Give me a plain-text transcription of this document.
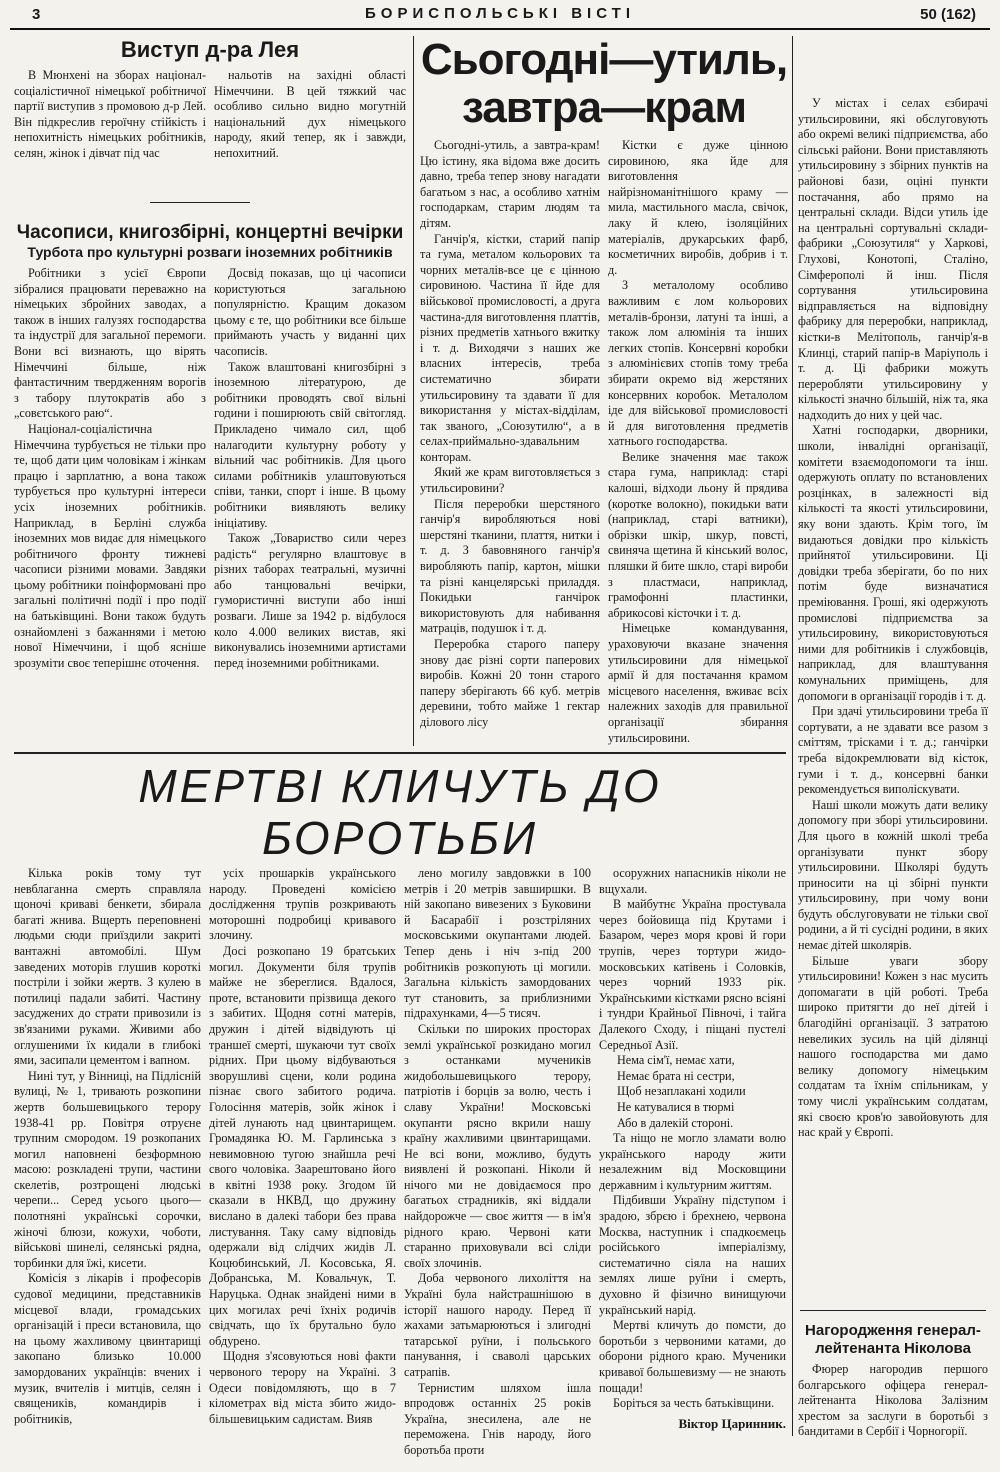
3	БОРИСПОЛЬСЬКІ ВІСТІ	50 (162)
Виступ д-ра Лея

В Мюнхені на зборах націонал-соціалістичної німецької робітничої партії виступив з промовою д-р Лей. Він підкреслив героїчну стійкість і непохитність німецьких робітників, селян, жінок і дівчат під час

нальотів на західні області Німеччини. В цей тяжкий час особливо сильно видно могутній національний дух німецького народу, який тепер, як і завжди, непохитний.

Часописи, книгозбірні, концертні вечірки
Турбота про культурні розваги іноземних робітників

Робітники з усієї Європи зібралися працювати переважно на німецьких збройних заводах, а також в інших галузях господарства та індустрії для загальної перемоги. Вони всі визнають, що вірять Німеччині більше, ніж фантастичним твердженням ворогів з табору плутократів або з „совєтського раю“.

Націонал-соціалістична Німеччина турбується не тільки про те, щоб дати цим чоловікам і жінкам працю і зарплатню, а вона також турбується про культурні інтереси усіх іноземних робітників. Наприклад, в Берліні служба іноземних мов видає для німецького робітничого фронту тижневі часописи різними мовами. Завдяки цьому робітники поінформовані про загальні політичні події і про події на батьківщині. Вони також будуть ознайомлені з бажаннями і метою нової Німеччини, і щоб ясніше зрозуміти своє теперішнє оточення.

Досвід показав, що ці часописи користуються загальною популярністю. Кращим доказом цьому є те, що робітники все більше приймають участь у виданні цих часописів.

Також влаштовані книгозбірні з іноземною літературою, де робітники проводять свої вільні години і поширюють свій світогляд. Прикладено чимало сил, щоб налагодити культурну роботу у вільний час робітників. Для цього силами робітників улаштовуються співи, танки, спорт і інше. В цьому робітники виявляють велику ініціативу.

Також „Товариство сили через радість“ регулярно влаштовує в різних таборах театральні, музичні або танцювальні вечірки, гумористичні виступи або інші розваги. Лише за 1942 р. відбулося коло 4.000 великих вистав, які виконувались іноземними артистами перед іноземними робітниками.

Сьогодні—утиль, завтра—крам

Сьогодні-утиль, а завтра-крам! Цю істину, яка відома вже досить давно, треба тепер знову нагадати багатьом з нас, а особливо хатнім господаркам, старим людям та дітям.

Ганчір'я, кістки, старий папір та гума, металом кольорових та чорних металів-все це є цінною сировиною. Частина її йде для військової промисловості, а друга частина-для виготовлення платтів, різних предметів хатнього вжитку і т. д. Виходячи з наших же власних інтересів, треба систематично збирати утильсировину та здавати її для використання у містах-відділам, так званого, „Союзутилю“, а в селах-приймально-здавальним конторам.

Який же крам виготовляється з утильсировини?

Після переробки шерстяного ганчір'я виробляються нові шерстяні тканини, плаття, нитки і т. д. З бавовняного ганчір'я виробляють папір, картон, мішки та різні канцелярські приладдя. Покидьки ганчірок використовують для набивання матраців, подушок і т. д.

Переробка старого паперу знову дає різні сорти паперових виробів. Кожні 20 тонн старого паперу зберігають 66 куб. метрів деревини, тобто майже 1 гектар ділового лісу

Кістки є дуже цінною сировиною, яка йде для виготовлення найрізноманітнішого краму — мила, мастильного масла, свічок, лаку й клею, ізоляційних матеріалів, друкарських фарб, косметичних виробів, добрив і т. д.

З металолому особливо важливим є лом кольорових металів-бронзи, латуні та інші, а також лом алюмінія та інших легких стопів. Консервні коробки з алюмінієвих стопів тому треба збирати окремо від жерстяних консервних коробок. Металолом іде для військової промисловості й для виготовлення предметів хатнього господарства.

Велике значення має також стара гума, наприклад: старі калоші, відходи льону й прядива (коротке волокно), покидьки вати (наприклад, старі ватники), обрізки шкір, шкур, повсті, свиняча щетина й кінський волос, пляшки й бите шкло, старі вироби з пластмаси, наприклад, грамофонні пластинки, абрикосові кісточки і т. д.

Німецьке командування, ураховуючи вказане значення утильсировини для німецької армії й для постачання крамом місцевого населення, вживає всіх належних заходів для правильної організації збирання утильсировини.

У містах і селах єзбирачі утильсировини, які обслуговують або окремі великі підприємства, або сільські райони. Вони приставляють утильсировину з збірних пунктів на районові бази, оціні пункти постачання, або прямо на центральні склади. Відси утиль іде на центральні сортувальні склади-фабрики „Союзутиля“ у Харкові, Глухові, Конотопі, Сталіно, Сімферополі й інш. Після сортування утильсировина відправляється на відповідну фабрику для переробки, наприклад, кістки-в Мелітополь, ганчір'я-в Клинці, старий папір-в Маріуполь і т. д. Ці фабрики можуть переробляти утильсировину у кількості значно більшій, ніж та, яка надходить до них у цей час.

Хатні господарки, дворники, школи, інвалідні організації, комітети взаємодопомоги та інш. одержують оплату по встановлених розцінках, в залежності від кількості та якості утильсировини, яку вони здають. Крім того, їм видаються довідки про кількість прийнятої утильсировини. Ці довідки треба зберігати, бо по них потім буде визначатися преміювання. Гроші, які одержують промислові підприємства за утильсировину, використовуються ними для робітників і службовців, наприклад, для влаштування комунальних приміщень, для допомоги в організації городів і т. д.

При здачі утильсировини треба її сортувати, а не здавати все разом з сміттям, трісками і т. д.; ганчірки треба відокремлювати від кісток, гуми і т. д., консервні банки рекомендується виполіскувати.

Наші школи можуть дати велику допомогу при зборі утильсировини. Для цього в кожній школі треба організувати пункт збору утильсировини. Школярі будуть приносити на ці збірні пункти утильсировину, при чому вони будуть обслуговувати не тільки свої родини, а й ті сусідні родини, в яких немає дітей школярів.

Більше уваги збору утильсировини! Кожен з нас мусить допомагати в цій роботі. Треба широко притягти до неї дітей і благодійні організації. З затратою невеликих зусиль на цій ділянці нашого господарства ми дамо велику допомогу німецьким солдатам та їхнім спільникам, у тому числі українським солдатам, які своєю кров'ю завойовують для нас край у Європі.

МЕРТВІ КЛИЧУТЬ ДО БОРОТЬБИ

Кілька років тому тут невблаганна смерть справляла щоночі криваві бенкети, збирала багаті жнива. Вщерть переповнені людьми сюди приїздили закриті вантажні автомобілі. Шум заведених моторів глушив короткі постріли і зойки жертв. З кулею в потилиці падали забиті. Частину засуджених до страти привозили із зв'язаними руками. Живими або оглушеними їх кидали в глибокі ями, засипали цементом і вапном.

Нині тут, у Вінниці, на Підлісній вулиці, № 1, тривають розкопини жертв большевицького терору 1938-41 рр. Повітря отруєне трупним смородом. 19 розкопаних могил наповнені безформною масою: розкладені трупи, частини скелетів, розтрощені людські черепи... Серед усього цього—полотняні українські сорочки, жіночі блюзи, кожухи, чоботи, військові шинелі, селянські ряднa, торбинки для їжі, кисети.

Комісія з лікарів і професорів судової медицини, представників місцевої влади, громадських організацій і преси встановила, що на цьому жахливому цвинтарищі закопано близько 10.000 замордованих українців: вчених і музик, вчителів і митців, селян і священиків, командирів і робітників,

усіх прошарків українського народу. Проведені комісією дослідження трупів розкривають моторошні подробиці кривавого злочину.

Досі розкопано 19 братських могил. Документи біля трупів майже не збереглися. Вдалося, проте, встановити прізвища декого з забитих. Щодня сотні матерів, дружин і дітей відвідують ці траншеї смерті, шукаючи тут своїх рідних. При цьому відбуваються зворушливі сцени, коли родина пізнає свого забитого родича. Голосіння матерів, зойк жінок і дітей лунають над цвинтарищем. Громадянка Ю. М. Гарлинська з невимовною тугою знайшла речі свого чоловіка. Заарештовано його в квітні 1938 року. Згодом їй сказали в НКВД, що дружину вислано в далекі табори без права листування. Таку саму відповідь одержали від слідчих жидів Л. Коцюбинський, Л. Косовська, Я. Добранська, М. Ковальчук, Т. Наруцька. Однак знайдені ними в цих могилах речі їхніх родичів свідчать, що їх брутально було обдурено.

Щодня з'ясовуються нові факти червоного терору на Україні. З Одеси повідомляють, що в 7 кілометрах від міста збито жидо-більшевицьким садистам. Вияв

лено могилу завдовжки в 100 метрів і 20 метрів завширшки. В ній закопано вивезених з Буковини й Басарабії і розстріляних московськими окупантами людей. Тепер день і ніч з-під 200 робітників розкопують ці могили. Загальна кількість замордованих тут становить, за приблизними підрахунками, 4—5 тисяч.

Скільки по широких просторах землі української розкидано могил з останками мучеників жидобольшевицького терору, патріотів і борців за волю, честь і славу України! Московські окупанти рясно вкрили нашу країну жахливими цвинтарищами. Не всі вони, можливо, будуть виявлені й розкопані. Ніколи й нічого ми не довідаємося про багатьох страдників, які віддали найдорожче — своє життя — в ім'я рідного краю. Червоні кати старанно приховували всі сліди своїх злочинів.

Доба червоного лихоліття на Україні була найстрашнішою в історії нашого народу. Перед її жахами затьмарюються і злигодні татарської руїни, і польського панування, і сваволі царських сатрапів.

Тернистим шляхом ішла впродовж останніх 25 років Україна, знесилена, але не переможена. Гнів народу, його боротьба проти

осоружних напасників ніколи не вщухали.

В майбутнє Україна простувала через бойовища під Крутами і Базаром, через моря крові й гори трупів, через тортури жидо-московських катівень і Соловків, через чорний 1933 рік. Українськими кістками рясно всіяні і тундри Крайньої Півночі, і тайга Далекого Сходу, і піщані пустелі Середньої Азії.

Нема сім'ї, немає хати,

Немає брата ні сестри,

Щоб незаплакані ходили

Не катувалися в тюрмі

Або в далекій стороні.

Та ніщо не могло зламати волю українського народу жити незалежним від Московщини державним і культурним життям.

Підбивши Україну підступом і зрадою, збрєю і брехнею, червона Москва, наступник і спадкоємець російського імперіалізму, систематично сіяла на наших землях лише руїни і смерть, духовно й фізично винищуючи український нарід.

Мертві кличуть до помсти, до боротьби з червоними катами, до оборони рідного краю. Мученики кривавої большевизму — не знають пощади!

Боріться за честь батьківщини.

Віктор Царинник.
Нагородження генерал-лейтенанта Ніколова

Фюрер нагородив першого болгарського офіцера генерал-лейтенанта Ніколова Залізним хрестом за заслуги в боротьбі з бандитами в Сербії і Чорногорії.
